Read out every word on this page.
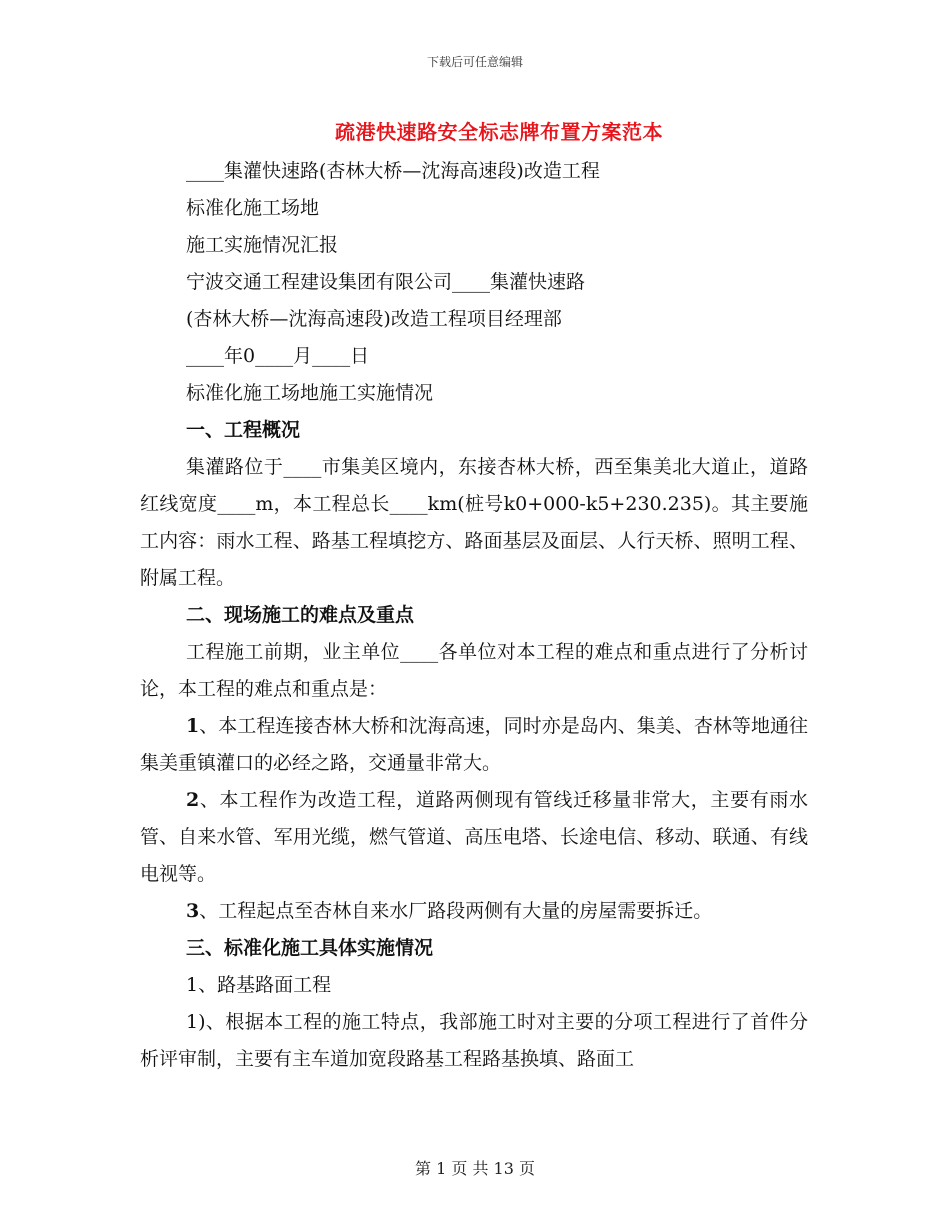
下载后可任意编辑
疏港快速路安全标志牌布置方案范本

____集灌快速路(杏林大桥—沈海高速段)改造工程

标准化施工场地

施工实施情况汇报

宁波交通工程建设集团有限公司____集灌快速路

(杏林大桥—沈海高速段)改造工程项目经理部

____年0____月____日

标准化施工场地施工实施情况

一、工程概况

集灌路位于____市集美区境内，东接杏林大桥，西至集美北大道止，道路红线宽度____m，本工程总长____km(桩号k0+000-k5+230.235)。其主要施工内容：雨水工程、路基工程填挖方、路面基层及面层、人行天桥、照明工程、附属工程。

二、现场施工的难点及重点

工程施工前期，业主单位____各单位对本工程的难点和重点进行了分析讨论，本工程的难点和重点是：

1、本工程连接杏林大桥和沈海高速，同时亦是岛内、集美、杏林等地通往集美重镇灌口的必经之路，交通量非常大。

2、本工程作为改造工程，道路两侧现有管线迁移量非常大，主要有雨水管、自来水管、军用光缆，燃气管道、高压电塔、长途电信、移动、联通、有线电视等。

3、工程起点至杏林自来水厂路段两侧有大量的房屋需要拆迁。

三、标准化施工具体实施情况

1、路基路面工程

1)、根据本工程的施工特点，我部施工时对主要的分项工程进行了首件分析评审制，主要有主车道加宽段路基工程路基换填、路面工

第 1 页 共 13 页
